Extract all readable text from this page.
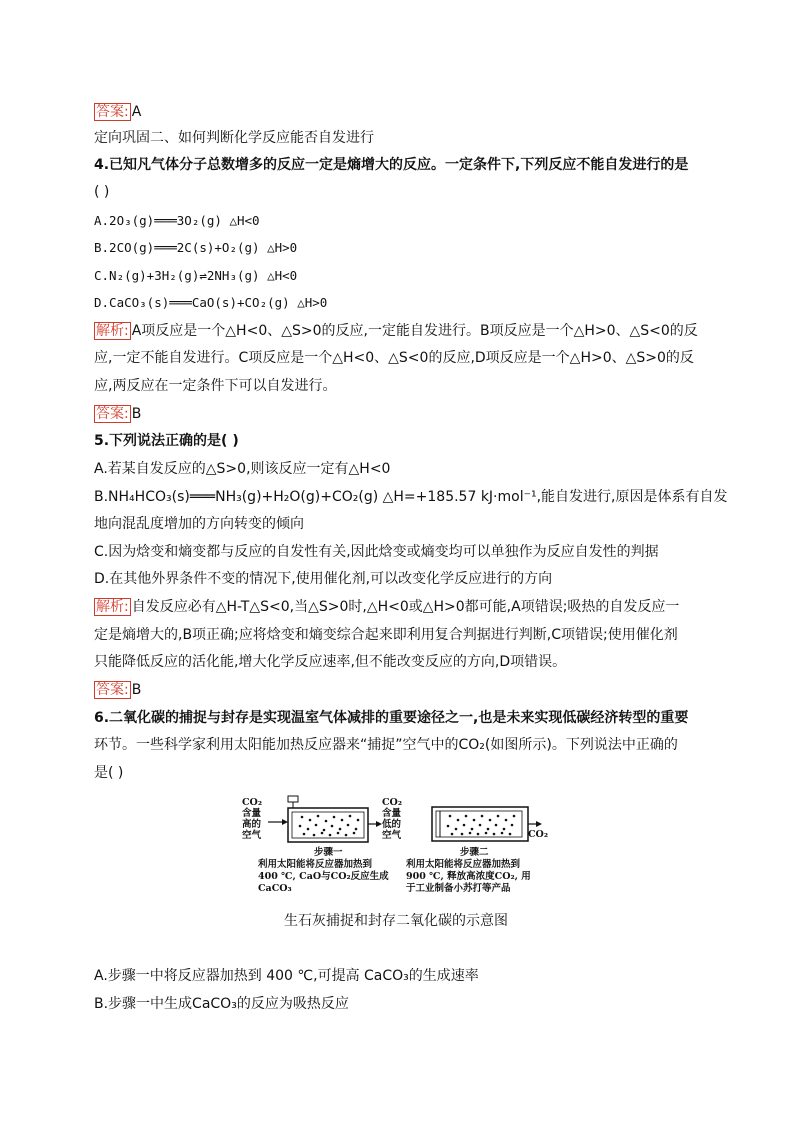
答案: A
定向巩固二、如何判断化学反应能否自发进行
4.已知凡气体分子总数增多的反应一定是熵增大的反应。一定条件下,下列反应不能自发进行的是
( )
A.2O₃(g)═══3O₂(g) △H<0
B.2CO(g)═══2C(s)+O₂(g) △H>0
C.N₂(g)+3H₂(g)⇌2NH₃(g) △H<0
D.CaCO₃(s)═══CaO(s)+CO₂(g) △H>0
解析: A项反应是一个△H<0、△S>0的反应,一定能自发进行。B项反应是一个△H>0、△S<0的反
应,一定不能自发进行。C项反应是一个△H<0、△S<0的反应,D项反应是一个△H>0、△S>0的反
应,两反应在一定条件下可以自发进行。
答案: B
5.下列说法正确的是( )
A.若某自发反应的△S>0,则该反应一定有△H<0
B.NH₄HCO₃(s)═══NH₃(g)+H₂O(g)+CO₂(g) △H=+185.57 kJ·mol⁻¹,能自发进行,原因是体系有自发
地向混乱度增加的方向转变的倾向
C.因为焓变和熵变都与反应的自发性有关,因此焓变或熵变均可以单独作为反应自发性的判据
D.在其他外界条件不变的情况下,使用催化剂,可以改变化学反应进行的方向
解析: 自发反应必有△H-T△S<0,当△S>0时,△H<0或△H>0都可能,A项错误;吸热的自发反应一
定是熵增大的,B项正确;应将焓变和熵变综合起来即利用复合判据进行判断,C项错误;使用催化剂
只能降低反应的活化能,增大化学反应速率,但不能改变反应的方向,D项错误。
答案: B
6.二氧化碳的捕捉与封存是实现温室气体减排的重要途径之一,也是未来实现低碳经济转型的重要
环节。一些科学家利用太阳能加热反应器来“捕捉”空气中的CO₂(如图所示)。下列说法中正确的
是( )
CO₂
含量
高的
空气
CO₂
含量
低的
空气
步骤一
利用太阳能将反应器加热到
400 ℃, CaO与CO₂反应生成
CaCO₃
CO₂
步骤二
利用太阳能将反应器加热到
900 ℃, 释放高浓度CO₂, 用
于工业制备小苏打等产品
生石灰捕捉和封存二氧化碳的示意图
A.步骤一中将反应器加热到 400 ℃,可提高 CaCO₃的生成速率
B.步骤一中生成CaCO₃的反应为吸热反应
